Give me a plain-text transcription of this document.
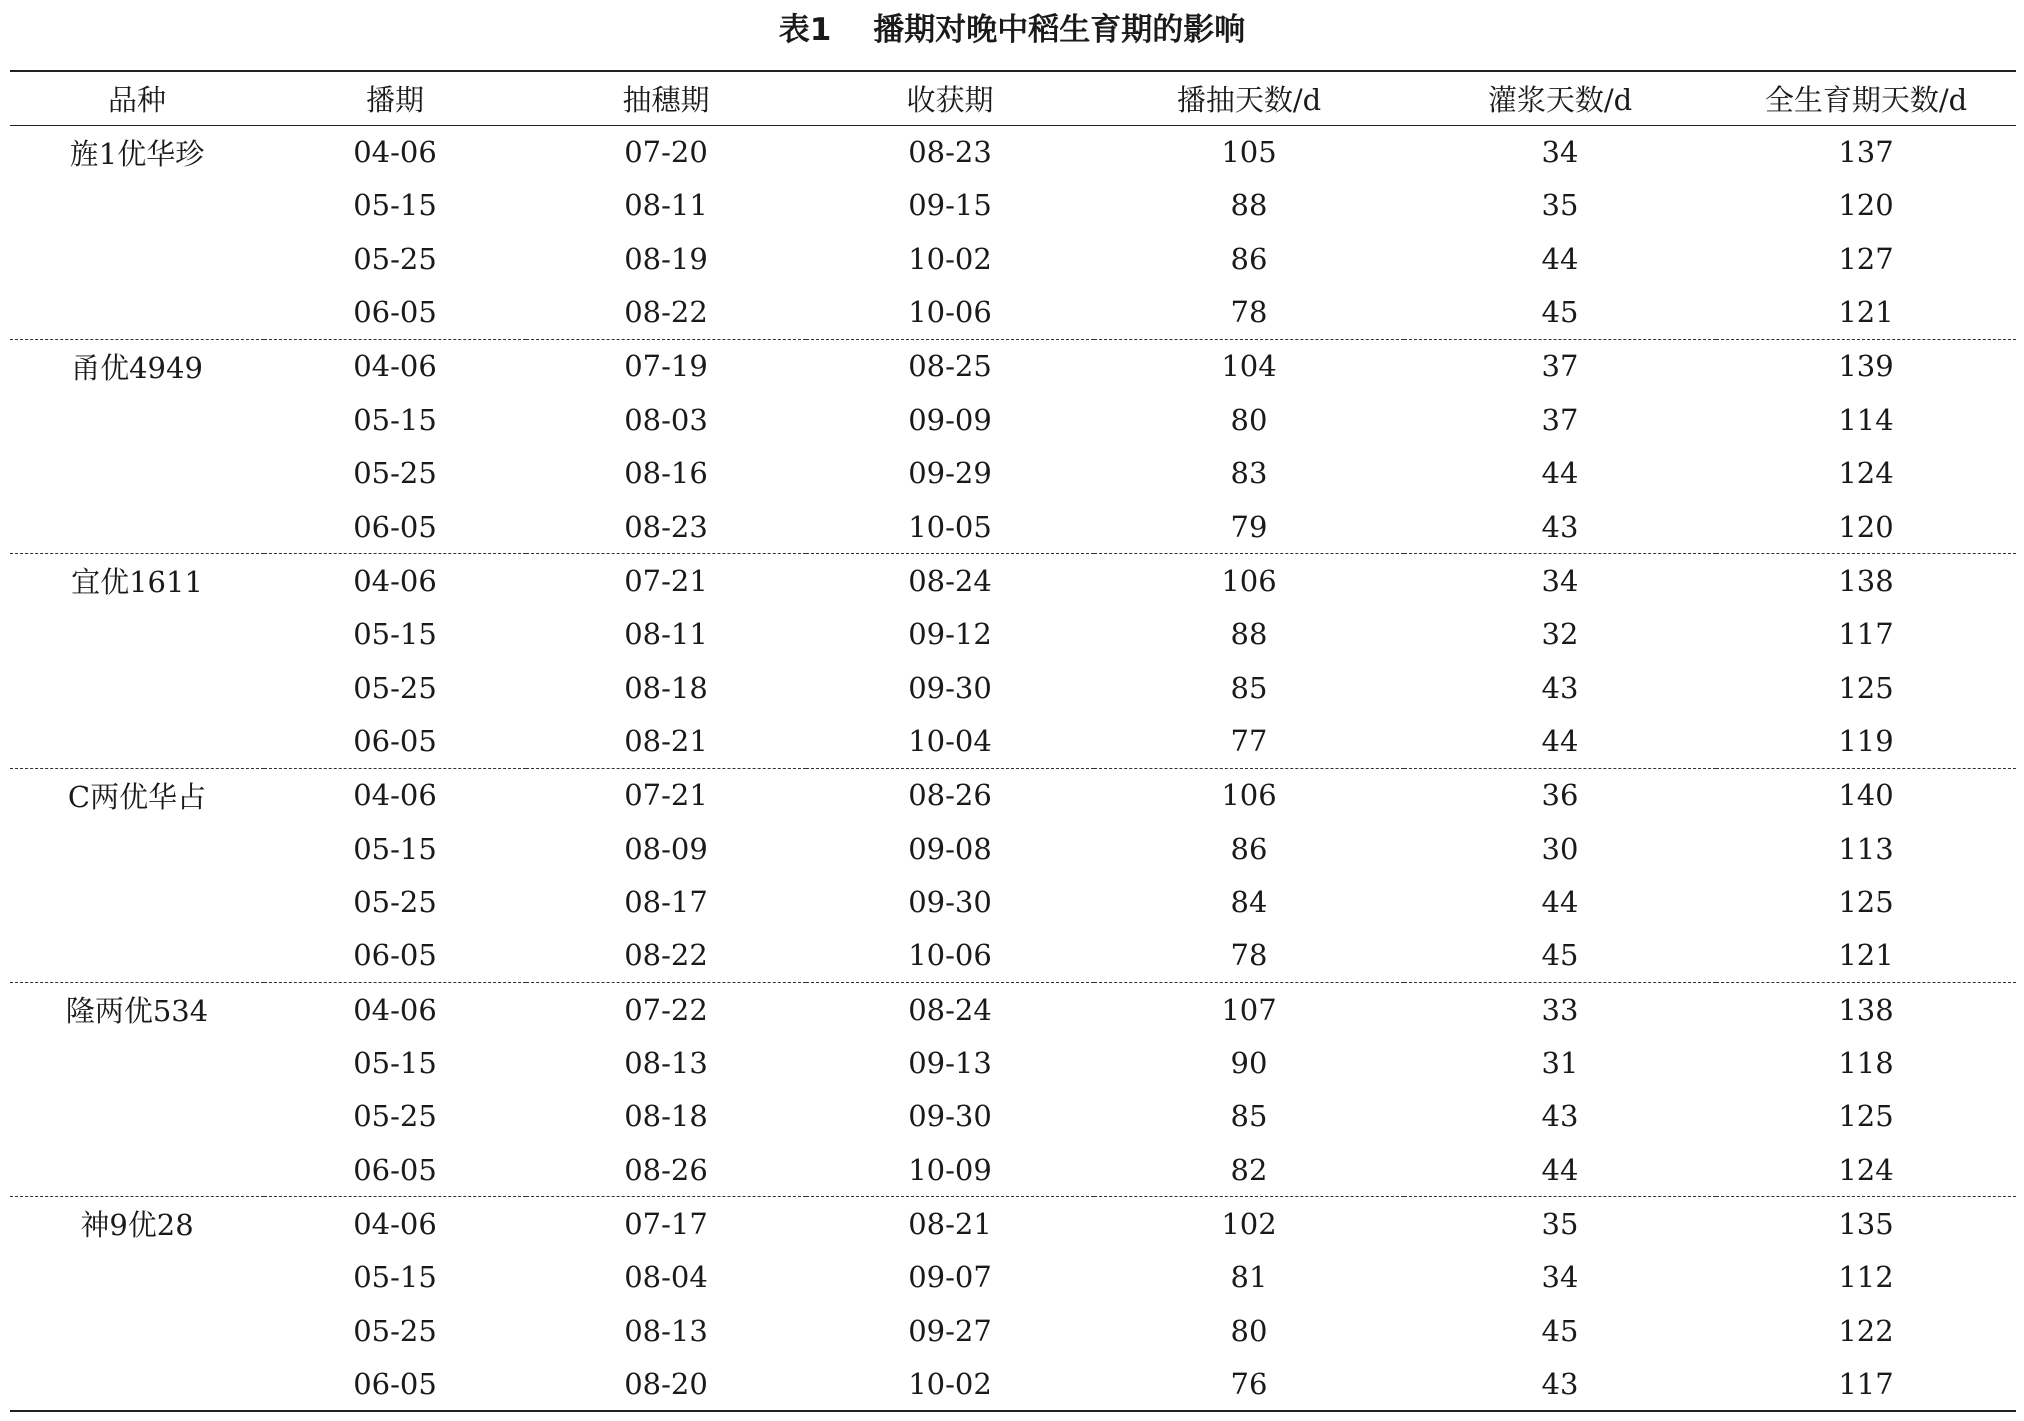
表1 播期对晚中稻生育期的影响
品种	播期	抽穗期	收获期	播抽天数/d	灌浆天数/d	全生育期天数/d
旌1优华珍	04-06	07-20	08-23	105	34	137
	05-15	08-11	09-15	88	35	120
	05-25	08-19	10-02	86	44	127
	06-05	08-22	10-06	78	45	121
甬优4949	04-06	07-19	08-25	104	37	139
	05-15	08-03	09-09	80	37	114
	05-25	08-16	09-29	83	44	124
	06-05	08-23	10-05	79	43	120
宜优1611	04-06	07-21	08-24	106	34	138
	05-15	08-11	09-12	88	32	117
	05-25	08-18	09-30	85	43	125
	06-05	08-21	10-04	77	44	119
C两优华占	04-06	07-21	08-26	106	36	140
	05-15	08-09	09-08	86	30	113
	05-25	08-17	09-30	84	44	125
	06-05	08-22	10-06	78	45	121
隆两优534	04-06	07-22	08-24	107	33	138
	05-15	08-13	09-13	90	31	118
	05-25	08-18	09-30	85	43	125
	06-05	08-26	10-09	82	44	124
神9优28	04-06	07-17	08-21	102	35	135
	05-15	08-04	09-07	81	34	112
	05-25	08-13	09-27	80	45	122
	06-05	08-20	10-02	76	43	117
